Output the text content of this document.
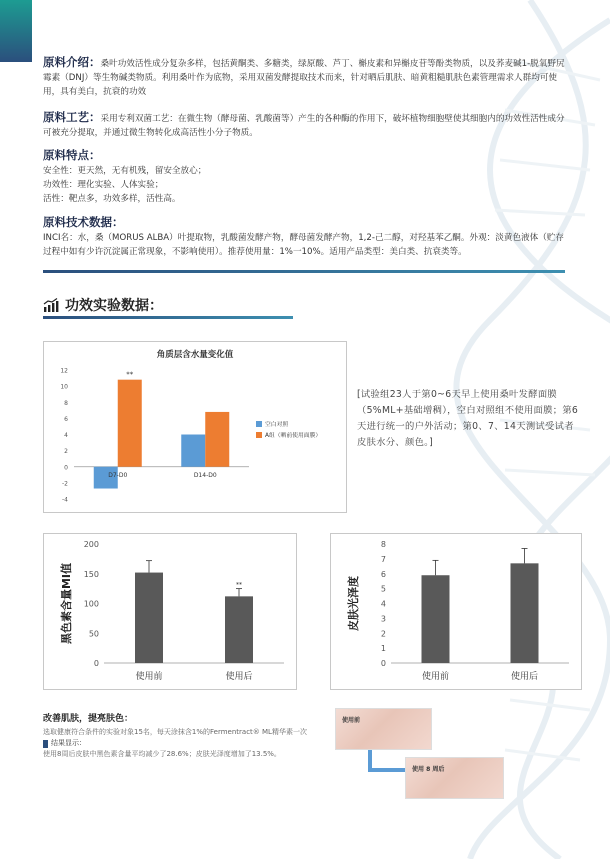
原料介绍：桑叶功效活性成分复杂多样，包括黄酮类、多糖类，绿原酸、芦丁、槲皮素和异槲皮苷等酚类物质，以及荞麦碱1-脱氧野尻霉素（DNJ）等生物碱类物质。利用桑叶作为底物，采用双菌发酵提取技术而来，针对晒后肌肤、暗黄粗糙肌肤色素管理需求人群均可使用，具有美白，抗衰的功效
原料工艺：采用专利双菌工艺：在微生物（酵母菌、乳酸菌等）产生的各种酶的作用下，破坏植物细胞壁使其细胞内的功效性活性成分可被充分提取，并通过微生物转化成高活性小分子物质。
原料特点：
安全性：更天然，无有机残，留安全放心；
功效性：理化实验、人体实验；
活性：靶点多，功效多样，活性高。
原料技术数据：
INCI名：水，桑（MORUS ALBA）叶提取物，乳酸菌发酵产物，酵母菌发酵产物，1,2-己二醇，对羟基苯乙酮。外观：淡黄色液体（贮存过程中如有少许沉淀属正常现象，不影响使用）。推荐使用量：1%一10%。适用产品类型：美白类、抗衰类等。
功效实验数据：
角质层含水量变化值
-4
-2
0
2
4
6
8
10
12
D7-D0	D14-D0
**
空白对照
A组（晒前使用面膜）
[试验组23人于第0~6天早上使用桑叶发酵面膜（5%ML+基础增稠），空白对照组不使用面膜；第6天进行统一的户外活动；第0、7、14天测试受试者皮肤水分、颜色。]
黑色素含量MI值
0
50
100
150
200
使用前	使用后
**	皮肤光泽度
0
1
2
3
4
5
6
7
8
使用前	使用后
改善肌肤，提亮肤色：
选取健康符合条件的实验对象15名，每天涂抹含1%的Fermentract® ML精华素一次
结果显示：
使用8周后皮肤中黑色素含量平均减少了28.6%；皮肤光泽度增加了13.5%。
使用前
使用 8 周后
